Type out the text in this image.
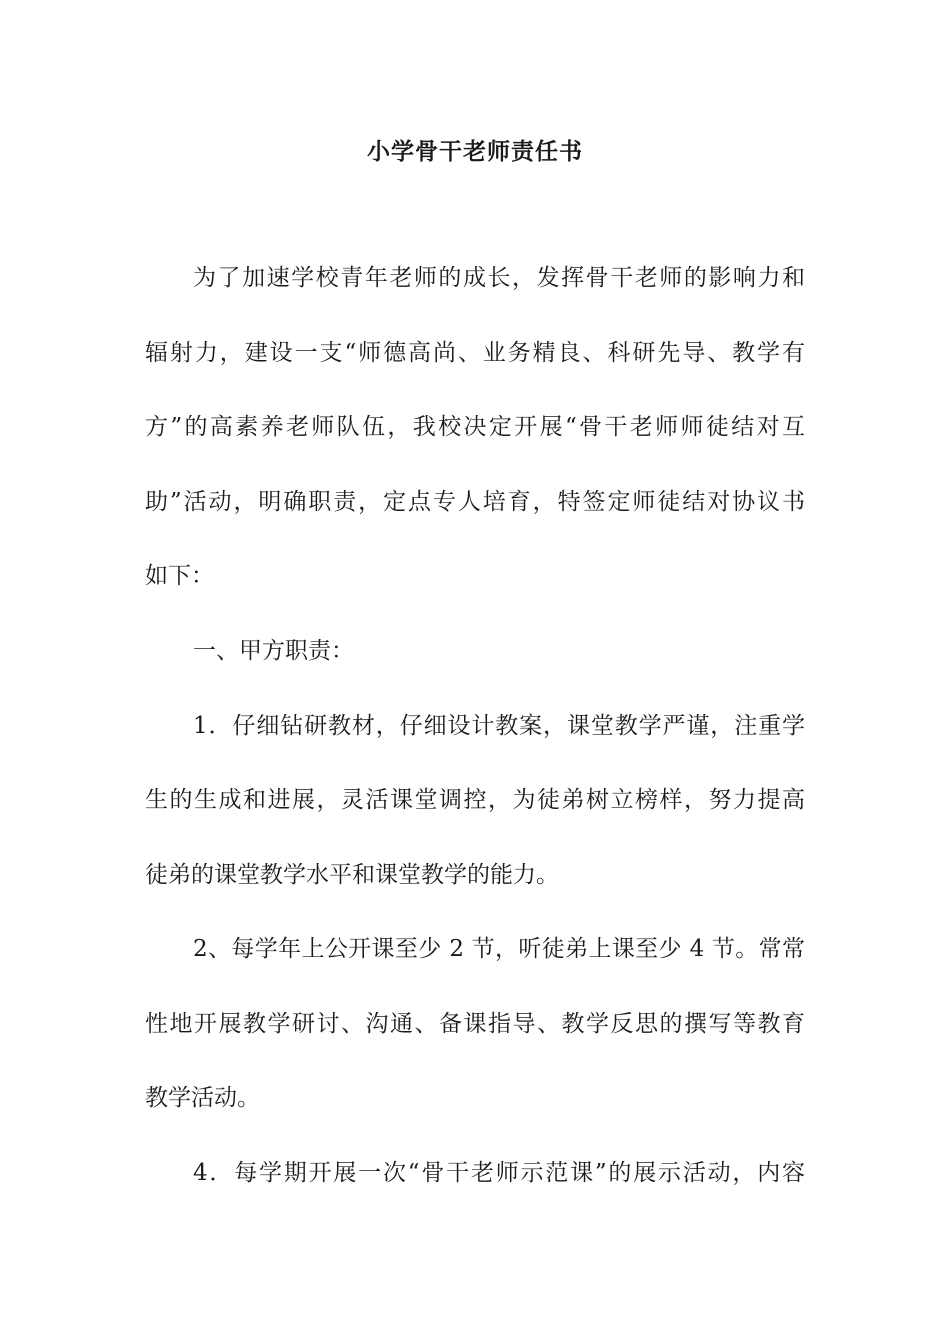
小学骨干老师责任书
为了加速学校青年老师的成长，发挥骨干老师的影响力和
辐射力，建设一支“师德高尚、业务精良、科研先导、教学有
方”的高素养老师队伍，我校决定开展“骨干老师师徒结对互
助”活动，明确职责，定点专人培育，特签定师徒结对协议书
如下：
一、甲方职责：
1．仔细钻研教材，仔细设计教案，课堂教学严谨，注重学
生的生成和进展，灵活课堂调控，为徒弟树立榜样，努力提高
徒弟的课堂教学水平和课堂教学的能力。
2、每学年上公开课至少 2 节，听徒弟上课至少 4 节。常常
性地开展教学研讨、沟通、备课指导、教学反思的撰写等教育
教学活动。
4．每学期开展一次“骨干老师示范课”的展示活动，内容
